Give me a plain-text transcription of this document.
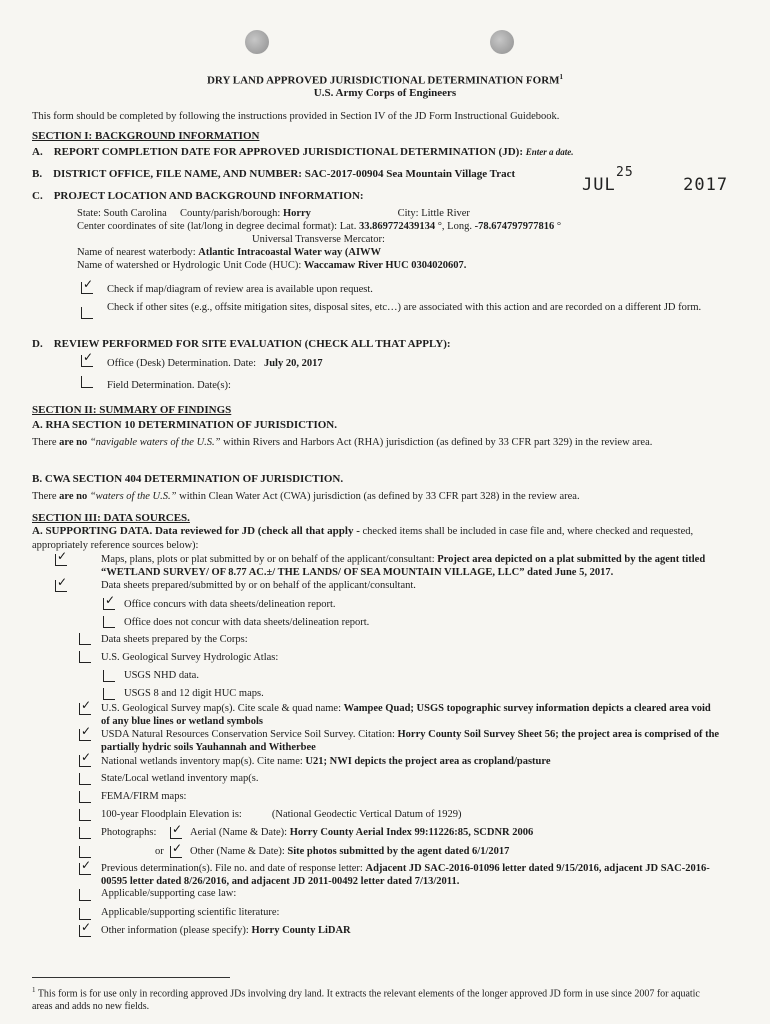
DRY LAND APPROVED JURISDICTIONAL DETERMINATION FORM$^1$
U.S. Army Corps of Engineers
This form should be completed by following the instructions provided in Section IV of the JD Form Instructional Guidebook.
SECTION I: BACKGROUND INFORMATION
A. REPORT COMPLETION DATE FOR APPROVED JURISDICTIONAL DETERMINATION (JD): Enter a date.
B. DISTRICT OFFICE, FILE NAME, AND NUMBER: SAC-2017-00904 Sea Mountain Village Tract
C. PROJECT LOCATION AND BACKGROUND INFORMATION:
JUL
25
2017
State: South Carolina County/parish/borough: Horry	City: Little River
Center coordinates of site (lat/long in degree decimal format): Lat. 33.869772439134 °, Long. -78.674797977816 °
Universal Transverse Mercator:
Name of nearest waterbody: Atlantic Intracoastal Water way (AIWW
Name of watershed or Hydrologic Unit Code (HUC): Waccamaw River HUC 0304020607.
✓ Check if map/diagram of review area is available upon request.
Check if other sites (e.g., offsite mitigation sites, disposal sites, etc…) are associated with this action and are recorded on a different JD form.
D. REVIEW PERFORMED FOR SITE EVALUATION (CHECK ALL THAT APPLY):
✓ Office (Desk) Determination. Date: July 20, 2017
Field Determination. Date(s):
SECTION II: SUMMARY OF FINDINGS
A. RHA SECTION 10 DETERMINATION OF JURISDICTION.
There are no “navigable waters of the U.S.” within Rivers and Harbors Act (RHA) jurisdiction (as defined by 33 CFR part 329) in the review area.
B. CWA SECTION 404 DETERMINATION OF JURISDICTION.
There are no “waters of the U.S.” within Clean Water Act (CWA) jurisdiction (as defined by 33 CFR part 328) in the review area.
SECTION III: DATA SOURCES.
A. SUPPORTING DATA. Data reviewed for JD (check all that apply - checked items shall be included in case file and, where checked and requested, appropriately reference sources below):
✓	Maps, plans, plots or plat submitted by or on behalf of the applicant/consultant: Project area depicted on a plat submitted by the agent titled “WETLAND SURVEY/ OF 8.77 AC.±/ THE LANDS/ OF SEA MOUNTAIN VILLAGE, LLC” dated June 5, 2017.
✓	Data sheets prepared/submitted by or on behalf of the applicant/consultant.
✓ Office concurs with data sheets/delineation report.
Office does not concur with data sheets/delineation report.
Data sheets prepared by the Corps:
U.S. Geological Survey Hydrologic Atlas:
USGS NHD data.
USGS 8 and 12 digit HUC maps.
✓ U.S. Geological Survey map(s). Cite scale & quad name: Wampee Quad; USGS topographic survey information depicts a cleared area void of any blue lines or wetland symbols
✓ USDA Natural Resources Conservation Service Soil Survey. Citation: Horry County Soil Survey Sheet 56; the project area is comprised of the partially hydric soils Yauhannah and Witherbee
✓ National wetlands inventory map(s). Cite name: U21; NWI depicts the project area as cropland/pasture
State/Local wetland inventory map(s.
FEMA/FIRM maps:
100-year Floodplain Elevation is:	(National Geodectic Vertical Datum of 1929)
Photographs: ✓ Aerial (Name & Date): Horry County Aerial Index 99:11226:85, SCDNR 2006
or ✓ Other (Name & Date): Site photos submitted by the agent dated 6/1/2017
✓ Previous determination(s). File no. and date of response letter: Adjacent JD SAC-2016-01096 letter dated 9/15/2016, adjacent JD SAC-2016-00595 letter dated 8/26/2016, and adjacent JD 2011-00492 letter dated 7/13/2011.
Applicable/supporting case law:
Applicable/supporting scientific literature:
✓ Other information (please specify): Horry County LiDAR
$^1$ This form is for use only in recording approved JDs involving dry land. It extracts the relevant elements of the longer approved JD form in use since 2007 for aquatic areas and adds no new fields.
